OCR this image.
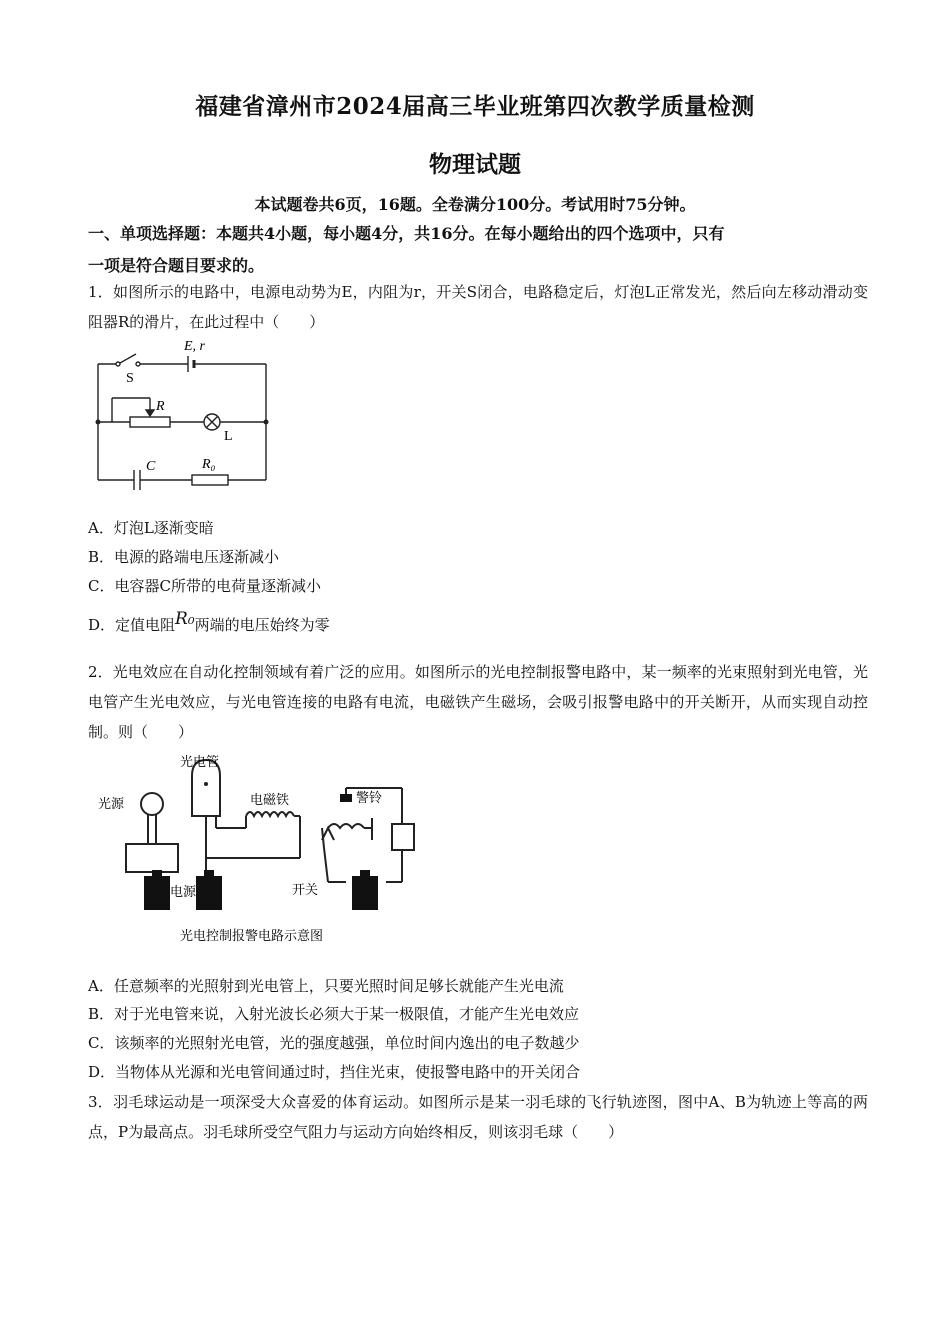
福建省漳州市2024届高三毕业班第四次教学质量检测
物理试题
本试题卷共6页，16题。全卷满分100分。考试用时75分钟。
一、单项选择题：本题共4小题，每小题4分，共16分。在每小题给出的四个选项中，只有
一项是符合题目要求的。
1．如图所示的电路中，电源电动势为E，内阻为r，开关S闭合，电路稳定后，灯泡L正常发光，然后向左移动滑动变阻器R的滑片，在此过程中（　　）
S
E, r
R
L
C	R₀
A．灯泡L逐渐变暗
B．电源的路端电压逐渐减小
C．电容器C所带的电荷量逐渐减小
D．定值电阻R₀两端的电压始终为零
2．光电效应在自动化控制领域有着广泛的应用。如图所示的光电控制报警电路中，某一频率的光束照射到光电管，光电管产生光电效应，与光电管连接的电路有电流，电磁铁产生磁场，会吸引报警电路中的开关断开，从而实现自动控制。则（　　）
光电管
光源	电磁铁	警铃
电源	开关
光电控制报警电路示意图
A．任意频率的光照射到光电管上，只要光照时间足够长就能产生光电流
B．对于光电管来说，入射光波长必须大于某一极限值，才能产生光电效应
C．该频率的光照射光电管，光的强度越强，单位时间内逸出的电子数越少
D．当物体从光源和光电管间通过时，挡住光束，使报警电路中的开关闭合
3．羽毛球运动是一项深受大众喜爱的体育运动。如图所示是某一羽毛球的飞行轨迹图，图中A、B为轨迹上等高的两点，P为最高点。羽毛球所受空气阻力与运动方向始终相反，则该羽毛球（　　）
